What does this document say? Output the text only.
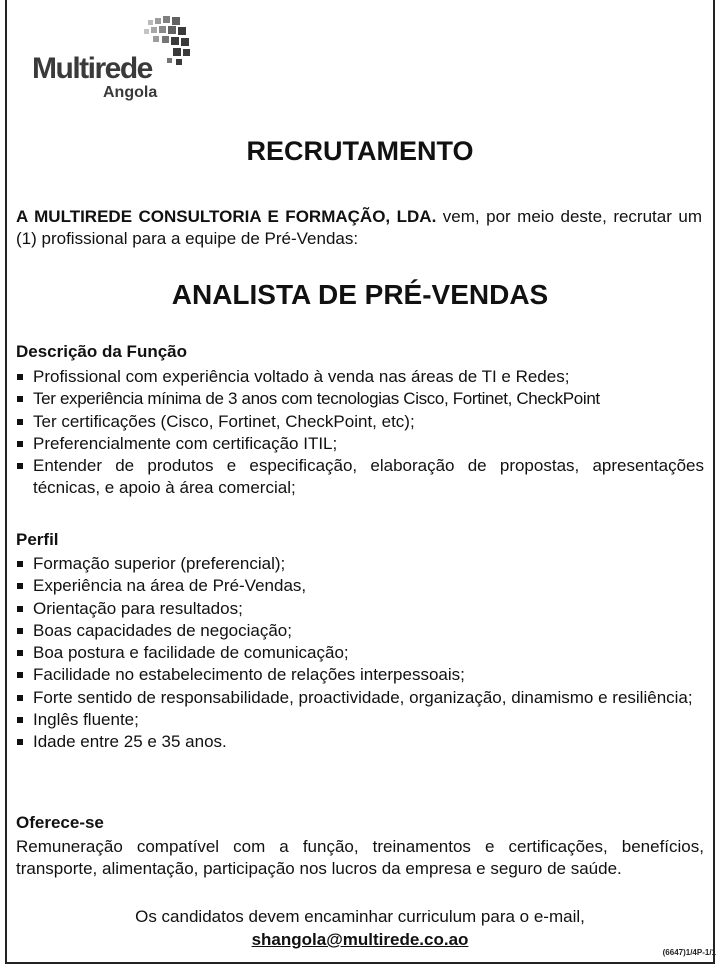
Multirede
Angola
RECRUTAMENTO
A MULTIREDE CONSULTORIA E FORMAÇÃO, LDA. vem, por meio deste, recrutar um (1) profissional para a equipe de Pré-Vendas:
ANALISTA DE PRÉ-VENDAS
Descrição da Função
Profissional com experiência voltado à venda nas áreas de TI e Redes;
Ter experiência mínima de 3 anos com tecnologias Cisco, Fortinet, CheckPoint
Ter certificações (Cisco, Fortinet, CheckPoint, etc);
Preferencialmente com certificação ITIL;
Entender de produtos e especificação, elaboração de propostas, apresentações técnicas, e apoio à área comercial;
Perfil
Formação superior (preferencial);
Experiência na área de Pré-Vendas,
Orientação para resultados;
Boas capacidades de negociação;
Boa postura e facilidade de comunicação;
Facilidade no estabelecimento de relações interpessoais;
Forte sentido de responsabilidade, proactividade, organização, dinamismo e resiliência;
Inglês fluente;
Idade entre 25 e 35 anos.
Oferece-se
Remuneração compatível com a função, treinamentos e certificações, benefícios, transporte, alimentação, participação nos lucros da empresa e seguro de saúde.
Os candidatos devem encaminhar curriculum para o e-mail,
shangola@multirede.co.ao
(6647)1/4P-1/1
